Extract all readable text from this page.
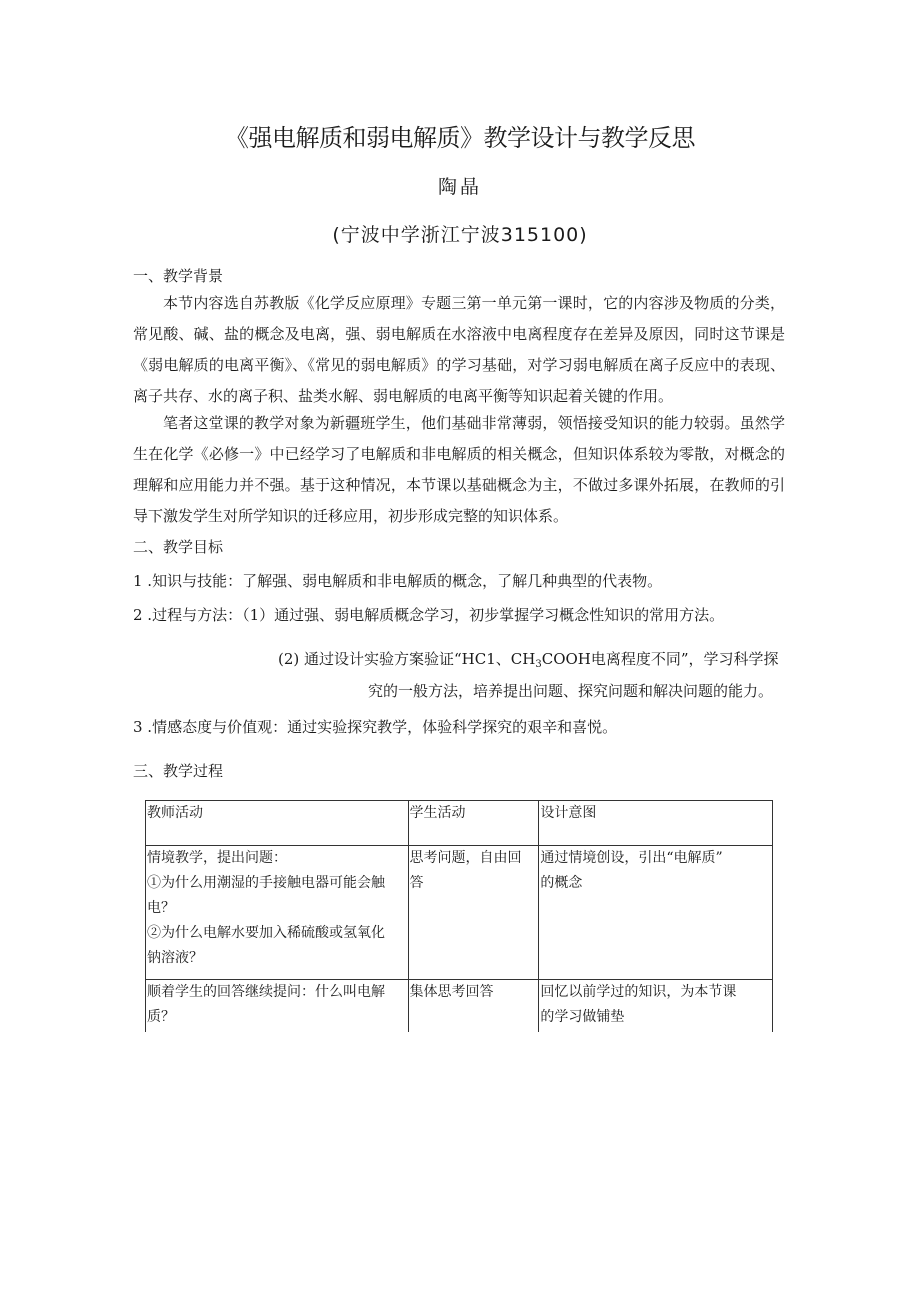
《强电解质和弱电解质》教学设计与教学反思
陶晶
(宁波中学浙江宁波315100)
一、教学背景

本节内容选自苏教版《化学反应原理》专题三第一单元第一课时，它的内容涉及物质的分类，常见酸、碱、盐的概念及电离，强、弱电解质在水溶液中电离程度存在差异及原因，同时这节课是《弱电解质的电离平衡》、《常见的弱电解质》的学习基础，对学习弱电解质在离子反应中的表现、离子共存、水的离子积、盐类水解、弱电解质的电离平衡等知识起着关键的作用。

笔者这堂课的教学对象为新疆班学生，他们基础非常薄弱，领悟接受知识的能力较弱。虽然学生在化学《必修一》中已经学习了电解质和非电解质的相关概念，但知识体系较为零散，对概念的理解和应用能力并不强。基于这种情况，本节课以基础概念为主，不做过多课外拓展，在教师的引导下激发学生对所学知识的迁移应用，初步形成完整的知识体系。

二、教学目标
1 .知识与技能：了解强、弱电解质和非电解质的概念，了解几种典型的代表物。
2 .过程与方法：（1）通过强、弱电解质概念学习，初步掌握学习概念性知识的常用方法。
(2) 通过设计实验方案验证“HC1、$CH_3COOH$电离程度不同”，学习科学探
究的一般方法，培养提出问题、探究问题和解决问题的能力。
3 .情感态度与价值观：通过实验探究教学，体验科学探究的艰辛和喜悦。
三、教学过程
教师活动	学生活动	设计意图

情境教学，提出问题：
①为什么用潮湿的手接触电器可能会触
电？
②为什么电解水要加入稀硫酸或氢氧化
钠溶液？	思考问题，自由回
答	通过情境创设，引出“电解质”
的概念

顺着学生的回答继续提问：什么叫电解
质？	集体思考回答	回忆以前学过的知识，为本节课
的学习做铺垫
